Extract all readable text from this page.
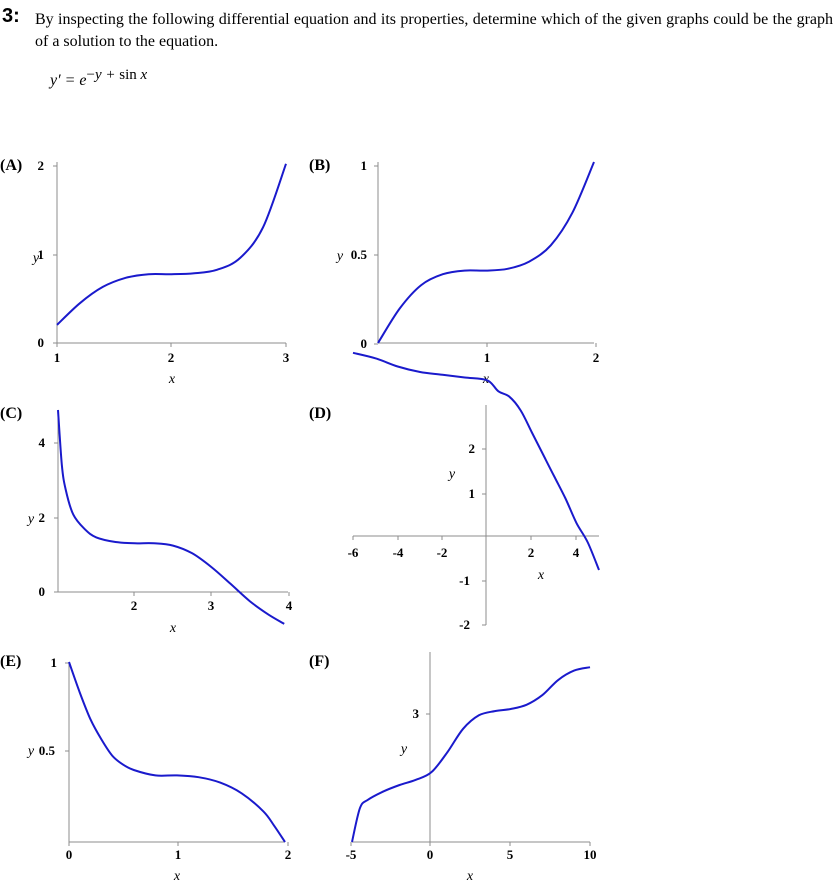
3: By inspecting the following differential equation and its properties, determine which of the given graphs could be the graph of a solution to the equation.
y′ = e−y + sin x
(A)
y
x
1	2	3
0
1
2	(B)
y
x
1	2
0
0.5
1
(C)
y
x
2	3	4
0
2
4
(D)
y
x
-6	-4	-2	2	4
-2
-1
1
2
(E)
y
x
0	1	2
0.5
1	(F)
y
x
-5	0	5	10
3
